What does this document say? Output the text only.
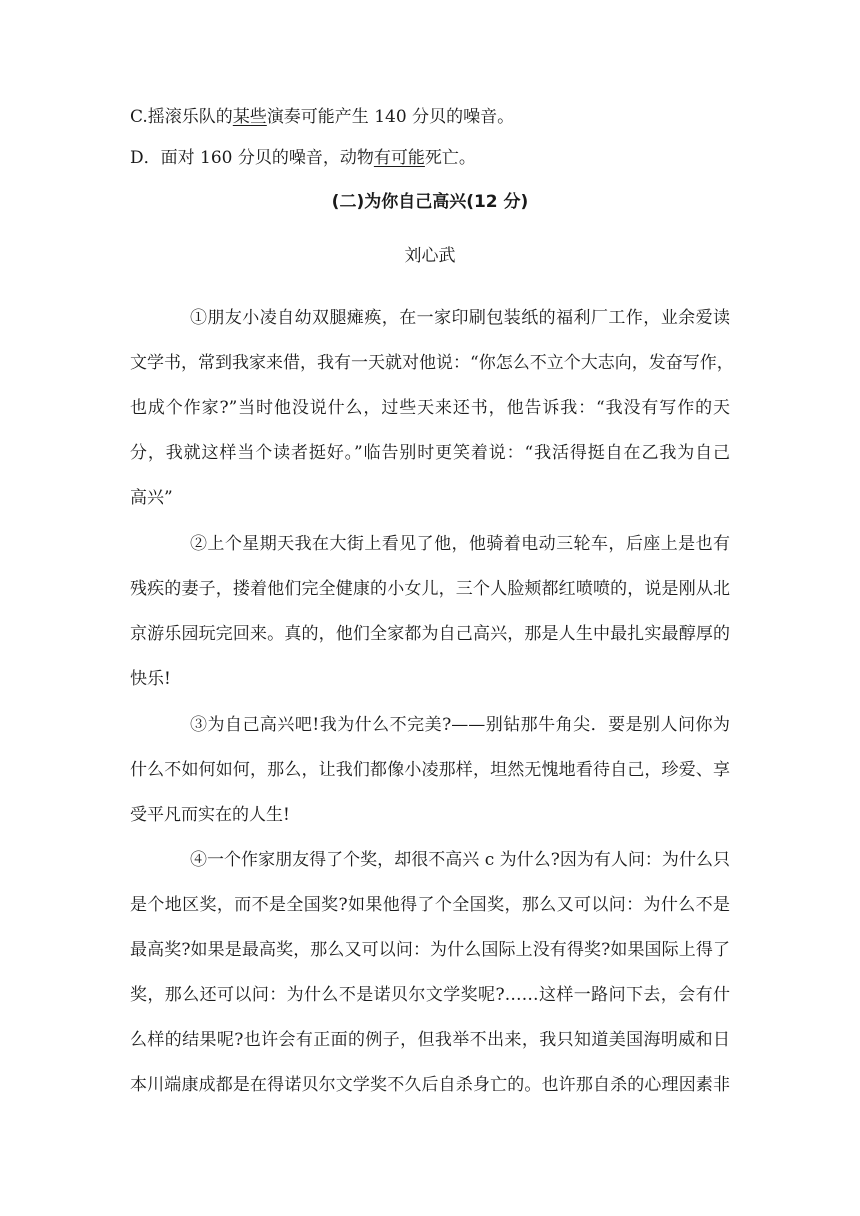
C.摇滚乐队的某些演奏可能产生 140 分贝的噪音。
D．面对 160 分贝的噪音，动物有可能死亡。
(二)为你自己高兴(12 分)
刘心武
①朋友小凌自幼双腿瘫痪，在一家印刷包装纸的福利厂工作，业余爱读
文学书，常到我家来借，我有一天就对他说：“你怎么不立个大志向，发奋写作，
也成个作家?”当时他没说什么，过些天来还书，他告诉我：“我没有写作的天
分，我就这样当个读者挺好。”临告别时更笑着说：“我活得挺自在乙我为自己
高兴”
②上个星期天我在大街上看见了他，他骑着电动三轮车，后座上是也有
残疾的妻子，搂着他们完全健康的小女儿，三个人脸颊都红喷喷的，说是刚从北
京游乐园玩完回来。真的，他们全家都为自己高兴，那是人生中最扎实最醇厚的
快乐!
③为自己高兴吧!我为什么不完美?——别钻那牛角尖．要是别人问你为
什么不如何如何，那么，让我们都像小凌那样，坦然无愧地看待自己，珍爱、享
受平凡而实在的人生!
④一个作家朋友得了个奖，却很不高兴 c 为什么?因为有人问：为什么只
是个地区奖，而不是全国奖?如果他得了个全国奖，那么又可以问：为什么不是
最高奖?如果是最高奖，那么又可以问：为什么国际上没有得奖?如果国际上得了
奖，那么还可以问：为什么不是诺贝尔文学奖呢?……这样一路问下去，会有什
么样的结果呢?也许会有正面的例子，但我举不出来，我只知道美国海明威和日
本川端康成都是在得诺贝尔文学奖不久后自杀身亡的。也许那自杀的心理因素非
